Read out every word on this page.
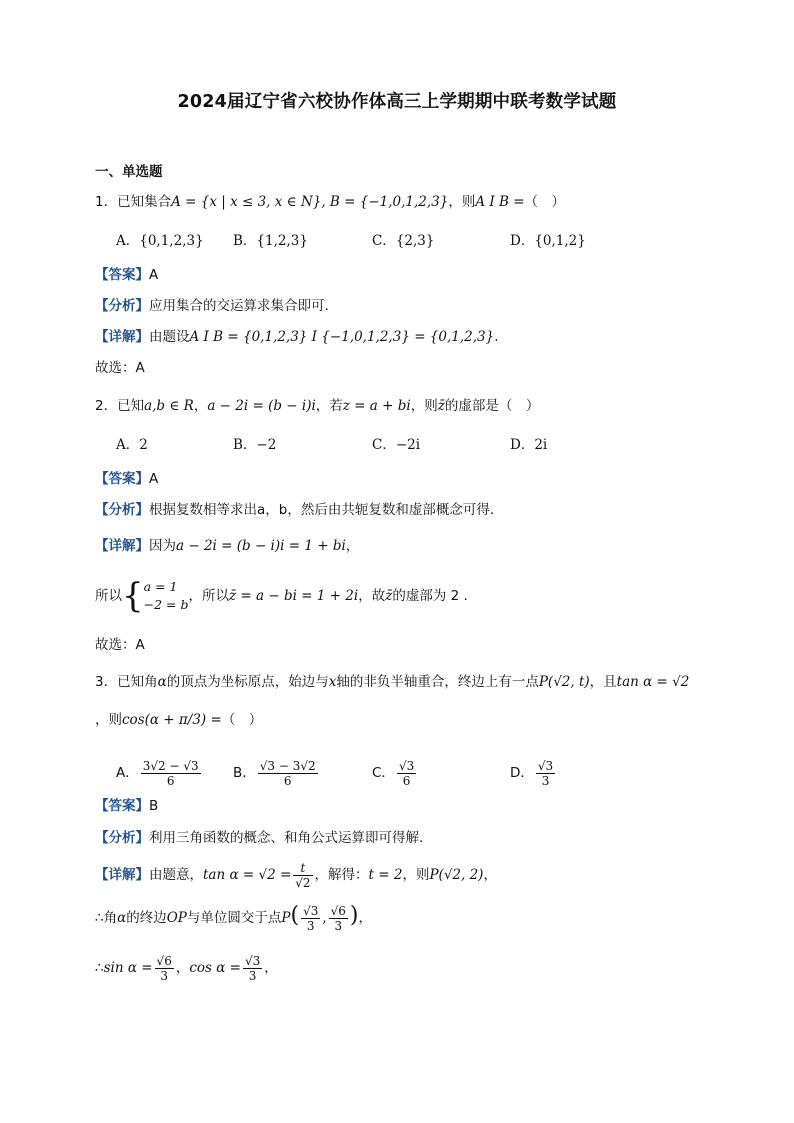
2024届辽宁省六校协作体高三上学期期中联考数学试题
一、单选题
1．已知集合A = {x | x ≤ 3, x ∈ N}, B = {−1,0,1,2,3}，则A I B =（　）
A．{0,1,2,3} B．{1,2,3}	C．{2,3}	D．{0,1,2}
【答案】A
【分析】应用集合的交运算求集合即可.
【详解】由题设A I B = {0,1,2,3} I {−1,0,1,2,3} = {0,1,2,3}.
故选：A
2．已知a,b ∈ R，a − 2i = (b − i)i，若z = a + bi，则z̄的虚部是（　）
A．2	B．−2	C．−2i	D．2i
【答案】A
【分析】根据复数相等求出a，b，然后由共轭复数和虚部概念可得.
【详解】因为a − 2i = (b − i)i = 1 + bi，
所以{ a = 1
−2 = b
，所以z̄ = a − bi = 1 + 2i，故z̄的虚部为 2 .
故选：A
3．已知角α的顶点为坐标原点，始边与x轴的非负半轴重合，终边上有一点P(√2, t)，且tan α = √2
，则cos(α + π/3) =（　）
A． $\frac{3√2 - √3}{6}$ B． $\frac{√3 - 3√2}{6}$	C． $\frac{√3}{6}$	D． $\frac{√3}{3}$
【答案】B
【分析】利用三角函数的概念、和角公式运算即可得解.
【详解】由题意，$\tan \alpha = √2 = \frac{t}{√2}$ ，解得：t = 2，则P(√2, 2)，
∴角α的终边OP与单位圆交于点$P( \frac{√3}{3}$ , $\frac{√6}{3}$ )，
∴sin $\alpha = \frac{√6}{3}$ ，$\cos \alpha = \frac{√3}{3}$ ，
